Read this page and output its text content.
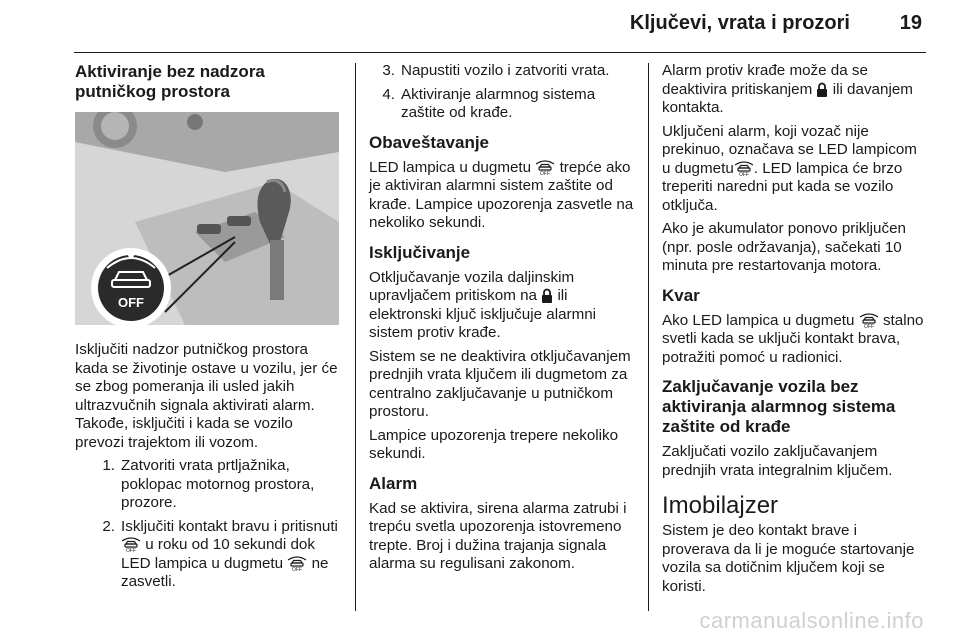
Ključevi, vrata i prozori 19
Aktiviranje bez nadzora putničkog prostora
OFF

Isključiti nadzor putničkog prostora kada se životinje ostave u vozilu, jer će se zbog pomeranja ili usled jakih ultrazvučnih signala aktivirati alarm. Takođe, isključiti i kada se vozilo prevozi trajektom ili vozom.

1. Zatvoriti vrata prtljažnika, poklopac motornog prostora, prozore.
2. Isključiti kontakt bravu i pritisnuti
OFF u roku od 10 sekundi dok LED lampica u dugmetu OFF ne zasvetli.
3. Napustiti vozilo i zatvoriti vrata.
4. Aktiviranje alarmnog sistema zaštite od krađe.
Obaveštavanje

LED lampica u dugmetu OFF trepće ako je aktiviran alarmni sistem zaštite od krađe. Lampice upozorenja zasvetle na nekoliko sekundi.

Isključivanje

Otključavanje vozila daljinskim upravljačem pritiskom na ili elektronski ključ isključuje alarmni sistem protiv krađe.

Sistem se ne deaktivira otključavanjem prednjih vrata ključem ili dugmetom za centralno zaključavanje u putničkom prostoru.

Lampice upozorenja trepere nekoliko sekundi.

Alarm

Kad se aktivira, sirena alarma zatrubi i trepću svetla upozorenja istovremeno trepte. Broj i dužina trajanja signala alarma su regulisani zakonom.

Alarm protiv krađe može da se deaktivira pritiskanjem ili davanjem kontakta.

Uključeni alarm, koji vozač nije prekinuo, označava se LED lampicom u dugmetu OFF . LED lampica će brzo treperiti naredni put kada se vozilo otključa.

Ako je akumulator ponovo priključen (npr. posle održavanja), sačekati 10 minuta pre restartovanja motora.

Kvar

Ako LED lampica u dugmetu OFF stalno svetli kada se uključi kontakt brava, potražiti pomoć u radionici.

Zaključavanje vozila bez aktiviranja alarmnog sistema zaštite od krađe

Zaključati vozilo zaključavanjem prednjih vrata integralnim ključem.

Imobilajzer

Sistem je deo kontakt brave i proverava da li je moguće startovanje vozila sa dotičnim ključem koji se koristi.

carmanualsonline.info
